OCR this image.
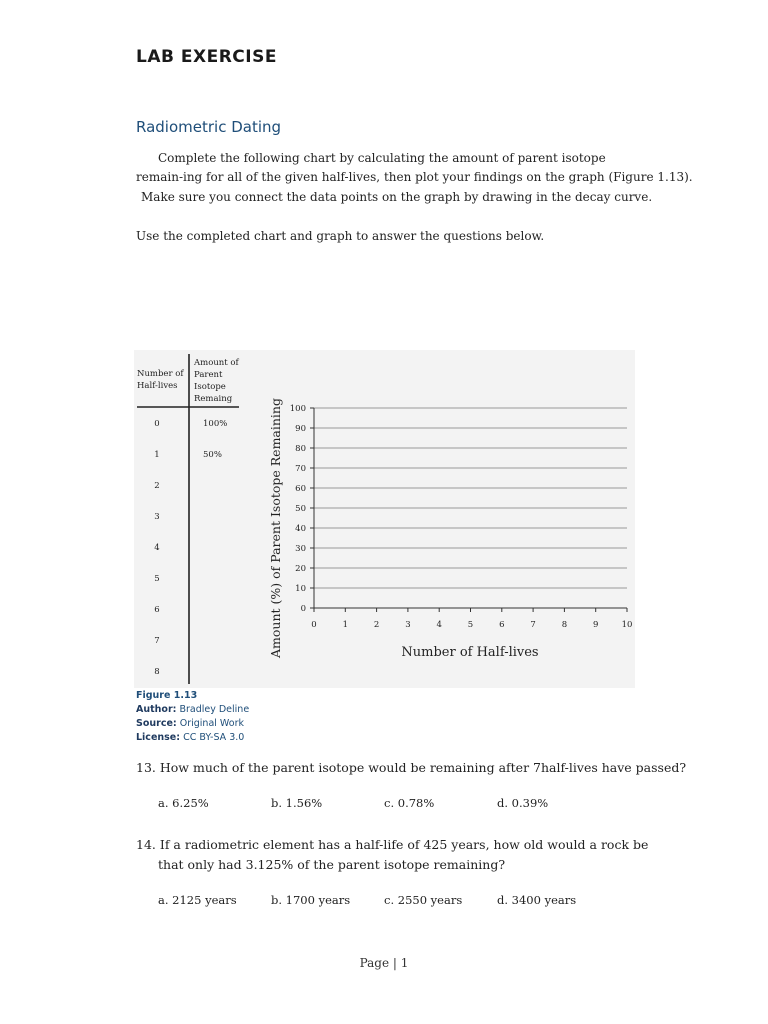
LAB EXERCISE
Radiometric Dating
Complete the following chart by calculating the amount of parent isotope
remain-ing for all of the given half-lives, then plot your findings on the graph (Figure 1.13).
Make sure you connect the data points on the graph by drawing in the decay curve.
Use the completed chart and graph to answer the questions below.
Number of
Half-lives
Amount of
Parent
Isotope
Remaing
0	100%
1	50%
2
3
4
5
6
7
8
Amount (%) of Parent Isotope Remaining 0
10
20
30
40
50
60
70
80
90
100
0	1	2	3	4	5	6	7	8	9	10
Number of Half-lives
Figure 1.13
Author: Bradley Deline
Source: Original Work
License: CC BY-SA 3.0
13. How much of the parent isotope would be remaining after 7half-lives have passed?
a. 6.25%	b. 1.56%	c. 0.78%	d. 0.39%
14. If a radiometric element has a half-life of 425 years, how old would a rock be
that only had 3.125% of the parent isotope remaining?
a. 2125 years	b. 1700 years	c. 2550 years	d. 3400 years
Page | 1
